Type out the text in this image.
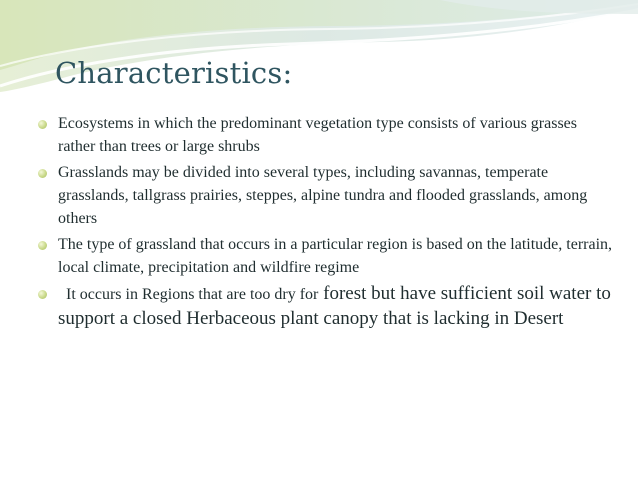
Characteristics:
Ecosystems in which the predominant vegetation type consists of various grasses rather than trees or large shrubs
Grasslands may be divided into several types, including savannas, temperate grasslands, tallgrass prairies, steppes, alpine tundra and flooded grasslands, among others
The type of grassland that occurs in a particular region is based on the latitude, terrain, local climate, precipitation and wildfire regime
It occurs in Regions that are too dry for forest but have sufficient soil water to support a closed Herbaceous plant canopy that is lacking in Desert
